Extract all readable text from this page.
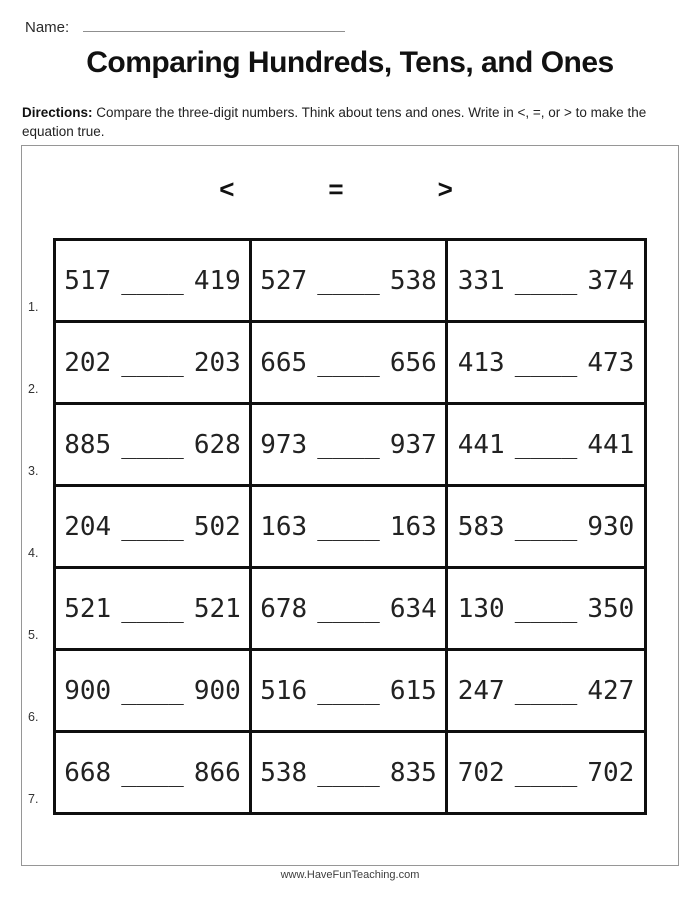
Name:
Comparing Hundreds, Tens, and Ones

Directions: Compare the three-digit numbers. Think about tens and ones. Write in <, =, or > to make the equation true.

<	=	>
1.
517 ____ 419 527 ____ 538 331 ____ 374
2.
202 ____ 203 665 ____ 656 413 ____ 473
3.
885 ____ 628 973 ____ 937 441 ____ 441
4.
204 ____ 502 163 ____ 163 583 ____ 930
5.
521 ____ 521 678 ____ 634 130 ____ 350
6.
900 ____ 900 516 ____ 615 247 ____ 427
7.
668 ____ 866 538 ____ 835 702 ____ 702
www.HaveFunTeaching.com
